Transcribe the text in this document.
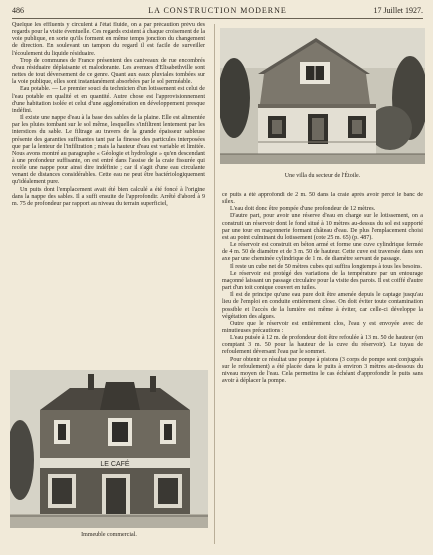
486	LA CONSTRUCTION MODERNE	17 Juillet 1927.

Quelque les effluents y circulent à l'état fluide, on a par précaution prévu des regards pour la visite éventuelle. Ces regards existent à chaque croisement de la voie publique, en sorte qu'ils forment en même temps jonction du changement de direction. En soulevant un tampon du regard il est facile de surveiller l'écoulement du liquide résiduaire.

Trop de communes de France présentent des caniveaux de rue encombrés d'eau résiduaire déplaisante et malodorante. Les avenues d'Elisabethville sont nettes de tout déversement de ce genre. Quant aux eaux pluviales tombées sur la voie publique, elles sont instantanément absorbées par le sol perméable.

Eau potable. — Le premier souci du technicien d'un lotissement est celui de l'eau potable en qualité et en quantité. Autre chose est l'approvisionnement d'une habitation isolée et celui d'une agglomération en développement presque indéfini.

Il existe une nappe d'eau à la base des sables de la plaine. Elle est alimentée par les pluies tombant sur le sol même, lesquelles s'infiltrent lentement par les interstices du sable. Le filtrage au travers de la grande épaisseur sableuse présente des garanties suffisantes tant par la finesse des particules interposées que par la lenteur de l'infiltration ; mais la hauteur d'eau est variable et limitée. Nous avons montré au paragraphe « Géologie et hydrologie » qu'en descendant à une profondeur suffisante, on est entré dans l'assise de la craie fissurée qui recèle une nappe pour ainsi dire indéfinie ; car il s'agit d'une eau circulante venant de distances considérables. Cette eau ne peut être bactériologiquement qu'idéalement pure.

Un puits dont l'emplacement avait été bien calculé a été foncé à l'origine dans la nappe des sables. Il a suffi ensuite de l'approfondir. Arrêté d'abord à 9 m. 75 de profondeur par rapport au niveau du terrain superficiel,

Une villa du secteur de l'Étoile.

ce puits a été approfondi de 2 m. 50 dans la craie après avoir percé le banc de silex.

L'eau doit donc être pompée d'une profondeur de 12 mètres.

D'autre part, pour avoir une réserve d'eau en charge sur le lotissement, on a construit un réservoir dont le fond situé à 10 mètres au-dessus du sol est supporté par une tour en maçonnerie formant château d'eau. De plus l'emplacement choisi est au point culminant du lotissement (cote 25 m. 65) (p. 487).

Le réservoir est construit en béton armé et forme une cuve cylindrique fermée de 4 m. 50 de diamètre et de 3 m. 50 de hauteur. Cette cuve est traversée dans son axe par une cheminée cylindrique de 1 m. de diamètre servant de passage.

Il reste un cube net de 50 mètres cubes qui suffira longtemps à tous les besoins.

Le réservoir est protégé des variations de la température par un entourage maçonné laissant un passage circulaire pour la visite des parois. Il est coiffé d'autre part d'un toit conique couvert en tuiles.

Il est de principe qu'une eau pure doit être amenée depuis le captage jusqu'au lieu de l'emploi en conduite entièrement close. On doit éviter toute contamination possible et l'accès de la lumière est même à éviter, car celle-ci développe la végétation des algues.

Outre que le réservoir est entièrement clos, l'eau y est envoyée avec de minutieuses précautions :

L'eau puisée à 12 m. de profondeur doit être refoulée à 13 m. 50 de hauteur (en comptant 3 m. 50 pour la hauteur de la cuve du réservoir). Le tuyau de refoulement déversant l'eau par le sommet.

Pour obtenir ce résultat une pompe à pistons (3 corps de pompe sont conjugués sur le refoulement) a été placée dans le puits à environ 3 mètres au-dessous du niveau moyen de l'eau. Cela permettra le cas échéant d'approfondir le puits sans avoir à déplacer la pompe.

LE CAFÉ
Immeuble commercial.
